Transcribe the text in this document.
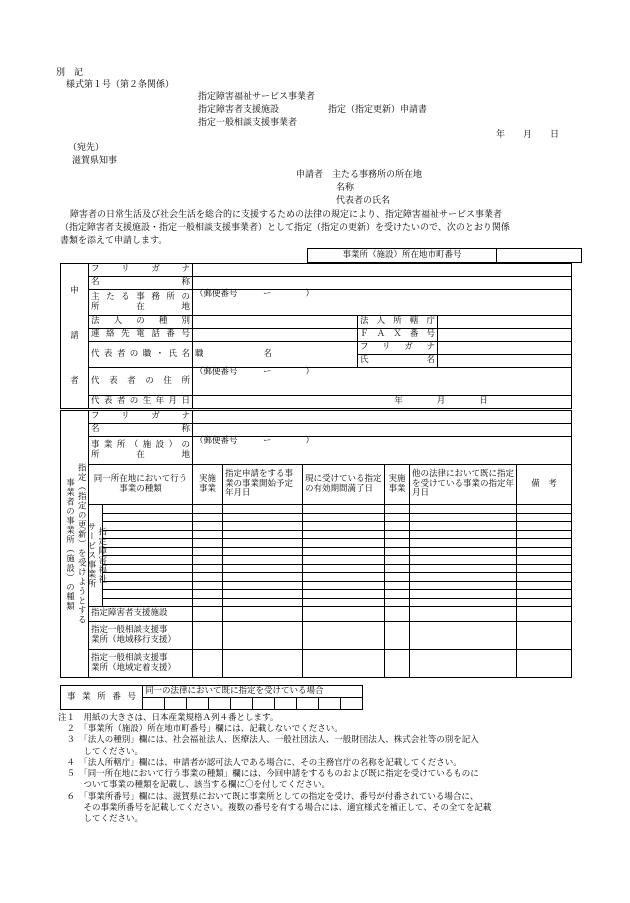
別　記
様式第１号（第２条関係）
指定障害福祉サービス事業者
指定障害者支援施設	指定（指定更新）申請書
指定一般相談支援事業者
年　　月　　日
（宛先）
滋賀県知事
申請者　主たる事務所の所在地
名称
代表者の氏名
障害者の日常生活及び社会生活を総合的に支援するための法律の規定により、指定障害福祉サービス事業者
（指定障害者支援施設・指定一般相談支援事業者）として指定（指定の更新）を受けたいので、次のとおり関係
書類を添えて申請します。
事業所（施設）所在地市町番号	
申
請
者	フ　リ　ガ　ナ			
	名　　　　称			

	主たる事務所の
所　　在　　地	（郵便番号　　　ー　　　　）		
	法　人　の　種　別		法人所轄庁	
	連絡先電話番号		ＦＡＸ番号	
	代表者の職・氏名	職 名	フリガナ	
			氏　　名	
	代表者の住所	（郵便番号　　　ー　　　　）		
	代表者の生年月日	年　　　　月　　　　日		
指定（指定の更新）を受けようとする
事業者の事業所（施設）の種類	フ　リ　ガ　ナ							
	名　　　　称							

	事業所（施設）の
所　　在　　地		（郵便番号　　　ー　　　　）					
	同一所在地において行う事業の種類		実施事業	指定申請をする事業の事業開始予定年月日	現に受けている指定の有効期間満了日	実施事業	他の法律において既に指定を受けている事業の指定年月日	備　考

	指定障害福祉
サービス事業所							

	指定障害者支援施設							

	指定一般相談支援事
業所（地域移行支援）							

	指定一般相談支援事
業所（地域定着支援）							

事業所番号	同一の法律において既に指定を受けている場合									

注１　用紙の大きさは、日本産業規格Ａ列４番とします。
　２　「事業所（施設）所在地市町番号」欄には、記載しないでください。
　３　「法人の種別」欄には、社会福祉法人、医療法人、一般社団法人、一般財団法人、株式会社等の別を記入
　　　してください。
　４　「法人所轄庁」欄には、申請者が認可法人である場合に、その主務官庁の名称を記載してください。
　５　「同一所在地において行う事業の種類」欄には、今回申請をするものおよび既に指定を受けているものに
　　　ついて事業の種類を記載し、該当する欄に〇を付してください。
　６　「事業所番号」欄には、滋賀県において既に事業所としての指定を受け、番号が付番されている場合に、
　　　その事業所番号を記載してください。複数の番号を有する場合には、適宜様式を補正して、その全てを記載
　　　してください。
